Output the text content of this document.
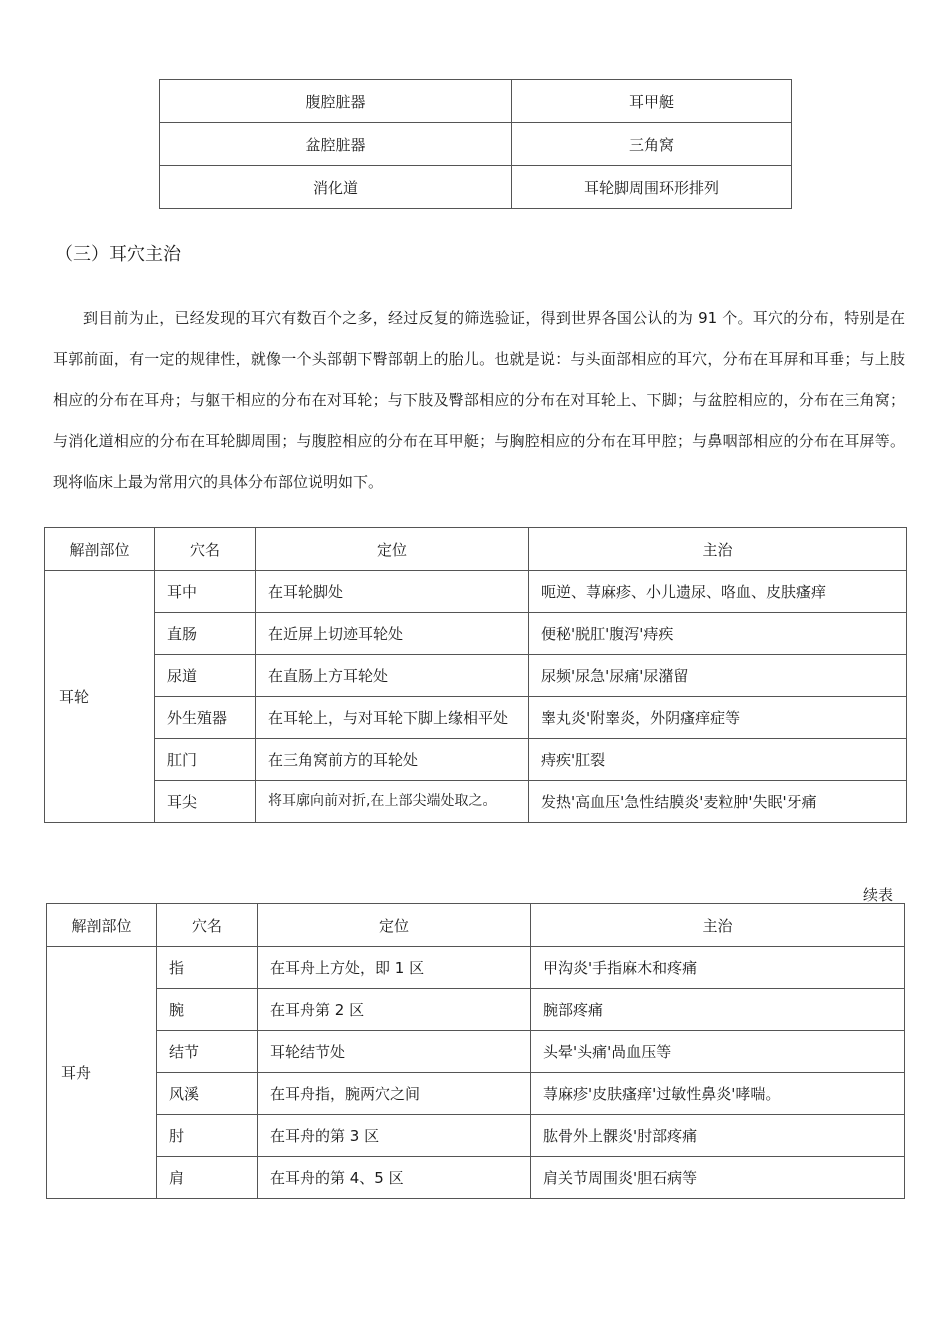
腹腔脏器	耳甲艇
盆腔脏器	三角窝
消化道	耳轮脚周围环形排列
（三）耳穴主治

到目前为止，已经发现的耳穴有数百个之多，经过反复的筛选验证，得到世界各国公认的为 91 个。耳穴的分布，特别是在耳郭前面，有一定的规律性，就像一个头部朝下臀部朝上的胎儿。也就是说：与头面部相应的耳穴，分布在耳屏和耳垂；与上肢相应的分布在耳舟；与躯干相应的分布在对耳轮；与下肢及臀部相应的分布在对耳轮上、下脚；与盆腔相应的，分布在三角窝；与消化道相应的分布在耳轮脚周围；与腹腔相应的分布在耳甲艇；与胸腔相应的分布在耳甲腔；与鼻咽部相应的分布在耳屏等。现将临床上最为常用穴的具体分布部位说明如下。

解剖部位	穴名	定位	主治
耳轮	耳中	在耳轮脚处	呃逆、荨麻疹、小儿遗尿、咯血、皮肤瘙痒
	直肠	在近屏上切迹耳轮处	便秘'脱肛'腹泻'痔疾
	尿道	在直肠上方耳轮处	尿频'尿急'尿痛'尿潴留
	外生殖器	在耳轮上，与对耳轮下脚上缘相平处	睾丸炎'附睾炎，外阴瘙痒症等
	肛门	在三角窝前方的耳轮处	痔疾'肛裂
	耳尖	将耳廓向前对折,在上部尖端处取之。	发热'高血压'急性结膜炎'麦粒肿'失眠'牙痛
续表
解剖部位	穴名	定位	主治
耳舟	指	在耳舟上方处，即 1 区	甲沟炎'手指麻木和疼痛
	腕	在耳舟第 2 区	腕部疼痛
	结节	耳轮结节处	头晕'头痛'咼血压等
	风溪	在耳舟指，腕两穴之间	荨麻疹'皮肤瘙痒'过敏性鼻炎'哮喘。
	肘	在耳舟的第 3 区	肱骨外上髁炎'肘部疼痛
	肩	在耳舟的第 4、5 区	肩关节周围炎'胆石病等
